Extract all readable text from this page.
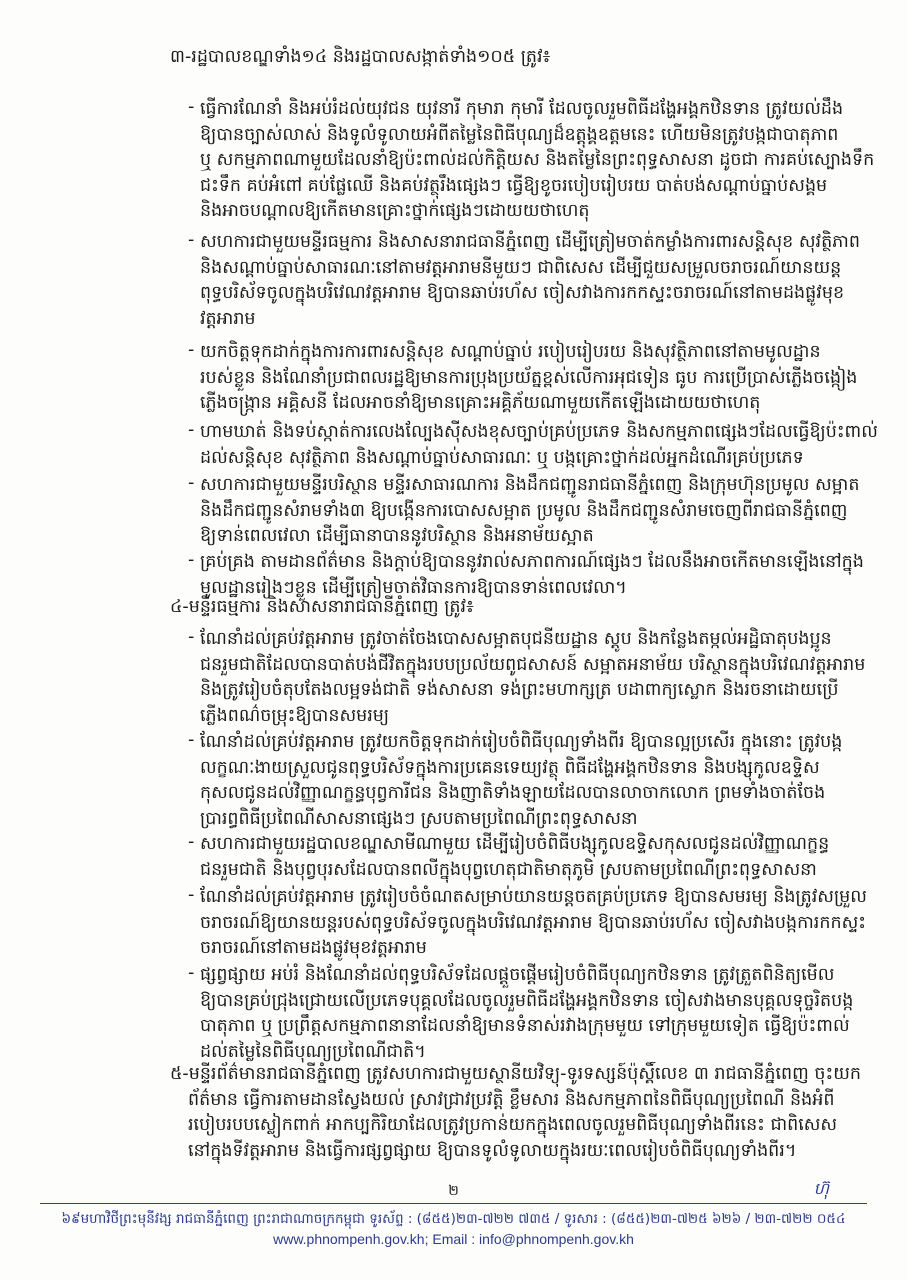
៣-រដ្ឋបាលខណ្ឌទាំង១៤ និងរដ្ឋបាលសង្កាត់ទាំង១០៥ ត្រូវ៖
- ធ្វើការណែនាំ និងអប់រំដល់យុវជន យុវនារី កុមារា កុមារី ដែលចូលរួមពិធីដង្ហែអង្គកឋិនទាន ត្រូវយល់ដឹង
ឱ្យបានច្បាស់លាស់ និងទូលំទូលាយអំពីតម្លៃនៃពិធីបុណ្យដ៏ឧត្តុង្គឧត្តមនេះ ហើយមិនត្រូវបង្កជាបាតុភាព
ឬ សកម្មភាពណាមួយដែលនាំឱ្យប៉ះពាល់ដល់កិត្តិយស និងតម្លៃនៃព្រះពុទ្ធសាសនា ដូចជា ការគប់ស្បោងទឹក
ជះទឹក គប់អំពៅ គប់ផ្លែឈើ និងគប់វត្ថុរឹងផ្សេងៗ ធ្វើឱ្យខូចរបៀបរៀបរយ បាត់បង់សណ្តាប់ធ្នាប់សង្គម
និងអាចបណ្តាលឱ្យកើតមានគ្រោះថ្នាក់ផ្សេងៗដោយយថាហេតុ
- សហការជាមួយមន្ទីរធម្មការ និងសាសនារាជធានីភ្នំពេញ ដើម្បីត្រៀមចាត់កម្លាំងការពារសន្តិសុខ សុវត្ថិភាព
និងសណ្តាប់ធ្នាប់សាធារណៈនៅតាមវត្តអារាមនីមួយៗ ជាពិសេស ដើម្បីជួយសម្រួលចរាចរណ៍យានយន្ត
ពុទ្ធបរិស័ទចូលក្នុងបរិវេណវត្តអារាម ឱ្យបានឆាប់រហ័ស ចៀសវាងការកកស្ទះចរាចរណ៍នៅតាមដងផ្លូវមុខ
វត្តអារាម
- យកចិត្តទុកដាក់ក្នុងការការពារសន្តិសុខ សណ្តាប់ធ្នាប់ របៀបរៀបរយ និងសុវត្ថិភាពនៅតាមមូលដ្ឋាន
របស់ខ្លួន និងណែនាំប្រជាពលរដ្ឋឱ្យមានការប្រុងប្រយ័ត្នខ្ពស់លើការអុជទៀន ធូប ការប្រើប្រាស់ភ្លើងចង្កៀង
ភ្លើងចង្ក្រាន អគ្គិសនី ដែលអាចនាំឱ្យមានគ្រោះអគ្គិភ័យណាមួយកើតឡើងដោយយថាហេតុ
- ហាមឃាត់ និងទប់ស្កាត់ការលេងល្បែងស៊ីសងខុសច្បាប់គ្រប់ប្រភេទ និងសកម្មភាពផ្សេងៗដែលធ្វើឱ្យប៉ះពាល់
ដល់សន្តិសុខ សុវត្ថិភាព និងសណ្តាប់ធ្នាប់សាធារណៈ ឬ បង្កគ្រោះថ្នាក់ដល់អ្នកដំណើរគ្រប់ប្រភេទ
- សហការជាមួយមន្ទីរបរិស្ថាន មន្ទីរសាធារណការ និងដឹកជញ្ជូនរាជធានីភ្នំពេញ និងក្រុមហ៊ុនប្រមូល សម្អាត
និងដឹកជញ្ជូនសំរាមទាំង៣ ឱ្យបង្កើនការបោសសម្អាត ប្រមូល និងដឹកជញ្ជូនសំរាមចេញពីរាជធានីភ្នំពេញ
ឱ្យទាន់ពេលវេលា ដើម្បីធានាបាននូវបរិស្ថាន និងអនាម័យស្អាត
- គ្រប់គ្រង តាមដានព័ត៌មាន និងក្តាប់ឱ្យបាននូវរាល់សភាពការណ៍ផ្សេងៗ ដែលនឹងអាចកើតមានឡើងនៅក្នុង
មូលដ្ឋានរៀងៗខ្លួន ដើម្បីត្រៀមចាត់វិធានការឱ្យបានទាន់ពេលវេលា។
៤-មន្ទីរធម្មការ និងសាសនារាជធានីភ្នំពេញ ត្រូវ៖
- ណែនាំដល់គ្រប់វត្តអារាម ត្រូវចាត់ចែងបោសសម្អាតបុជនីយដ្ឋាន ស្តូប និងកន្លែងតម្កល់អដ្ឋិធាតុបងប្អូន
ជនរួមជាតិដែលបានបាត់បង់ជីវិតក្នុងរបបប្រល័យពូជសាសន៍ សម្អាតអនាម័យ បរិស្ថានក្នុងបរិវេណវត្តអារាម
និងត្រូវរៀបចំតុបតែងលម្អទង់ជាតិ ទង់សាសនា ទង់ព្រះមហាក្សត្រ បដាពាក្យស្លោក និងរចនាដោយប្រើ
ភ្លើងពណ៌ចម្រុះឱ្យបានសមរម្យ
- ណែនាំដល់គ្រប់វត្តអារាម ត្រូវយកចិត្តទុកដាក់រៀបចំពិធីបុណ្យទាំងពីរ ឱ្យបានល្អប្រសើរ ក្នុងនោះ ត្រូវបង្ក
លក្ខណៈងាយស្រួលជូនពុទ្ធបរិស័ទក្នុងការប្រគេនទេយ្យវត្ថុ ពិធីដង្ហែអង្គកឋិនទាន និងបង្សុកូលឧទ្ទិស
កុសលជូនដល់វិញ្ញាណក្ខន្ធបុព្វការីជន និងញាតិទាំងឡាយដែលបានលាចាកលោក ព្រមទាំងចាត់ចែង
ប្រារព្ធពិធីប្រពៃណីសាសនាផ្សេងៗ ស្របតាមប្រពៃណីព្រះពុទ្ធសាសនា
- សហការជាមួយរដ្ឋបាលខណ្ឌសាមីណាមួយ ដើម្បីរៀបចំពិធីបង្សុកូលឧទ្ទិសកុសលជូនដល់វិញ្ញាណក្ខន្ធ
ជនរួមជាតិ និងបុព្វបុរសដែលបានពលីក្នុងបុព្វហេតុជាតិមាតុភូមិ ស្របតាមប្រពៃណីព្រះពុទ្ធសាសនា
- ណែនាំដល់គ្រប់វត្តអារាម ត្រូវរៀបចំចំណតសម្រាប់យានយន្តចតគ្រប់ប្រភេទ ឱ្យបានសមរម្យ និងត្រូវសម្រួល
ចរាចរណ៍ឱ្យយានយន្តរបស់ពុទ្ធបរិស័ទចូលក្នុងបរិវេណវត្តអារាម ឱ្យបានឆាប់រហ័ស ចៀសវាងបង្កការកកស្ទះ
ចរាចរណ៍នៅតាមដងផ្លូវមុខវត្តអារាម
- ផ្សព្វផ្សាយ អប់រំ និងណែនាំដល់ពុទ្ធបរិស័ទដែលផ្តួចផ្តើមរៀបចំពិធីបុណ្យកឋិនទាន ត្រូវត្រួតពិនិត្យមើល
ឱ្យបានគ្រប់ជ្រុងជ្រោយលើប្រភេទបុគ្គលដែលចូលរួមពិធីដង្ហែអង្គកឋិនទាន ចៀសវាងមានបុគ្គលទុច្ចរិតបង្ក
បាតុភាព ឬ ប្រព្រឹត្តសកម្មភាពនានាដែលនាំឱ្យមានទំនាស់រវាងក្រុមមួយ ទៅក្រុមមួយទៀត ធ្វើឱ្យប៉ះពាល់
ដល់តម្លៃនៃពិធីបុណ្យប្រពៃណីជាតិ។
៥-មន្ទីរព័ត៌មានរាជធានីភ្នំពេញ ត្រូវសហការជាមួយស្ថានីយវិទ្យុ-ទូរទស្សន៍ប៉ុស្តិ៍លេខ ៣ រាជធានីភ្នំពេញ ចុះយក
ព័ត៌មាន ធ្វើការតាមដានស្វែងយល់ ស្រាវជ្រាវប្រវត្តិ ខ្លឹមសារ និងសកម្មភាពនៃពិធីបុណ្យប្រពៃណី និងអំពី
របៀបរបបស្លៀកពាក់ អាកប្បកិរិយាដែលត្រូវប្រកាន់យកក្នុងពេលចូលរួមពិធីបុណ្យទាំងពីរនេះ ជាពិសេស
នៅក្នុងទីវត្តអារាម និងធ្វើការផ្សព្វផ្សាយ ឱ្យបានទូលំទូលាយក្នុងរយៈពេលរៀបចំពិធីបុណ្យទាំងពីរ។
២	ហ៊ុ
៦៩មហាវិថីព្រះមុនីវង្ស រាជធានីភ្នំពេញ ព្រះរាជាណាចក្រកម្ពុជា ទូរស័ព្ទ : (៨៥៥)២៣-៧២២ ៧៣៥ / ទូរសារ : (៨៥៥)២៣-៧២៥ ៦២៦ / ២៣-៧២២ ០៥៤
www.phnompenh.gov.kh; Email : info@phnompenh.gov.kh
